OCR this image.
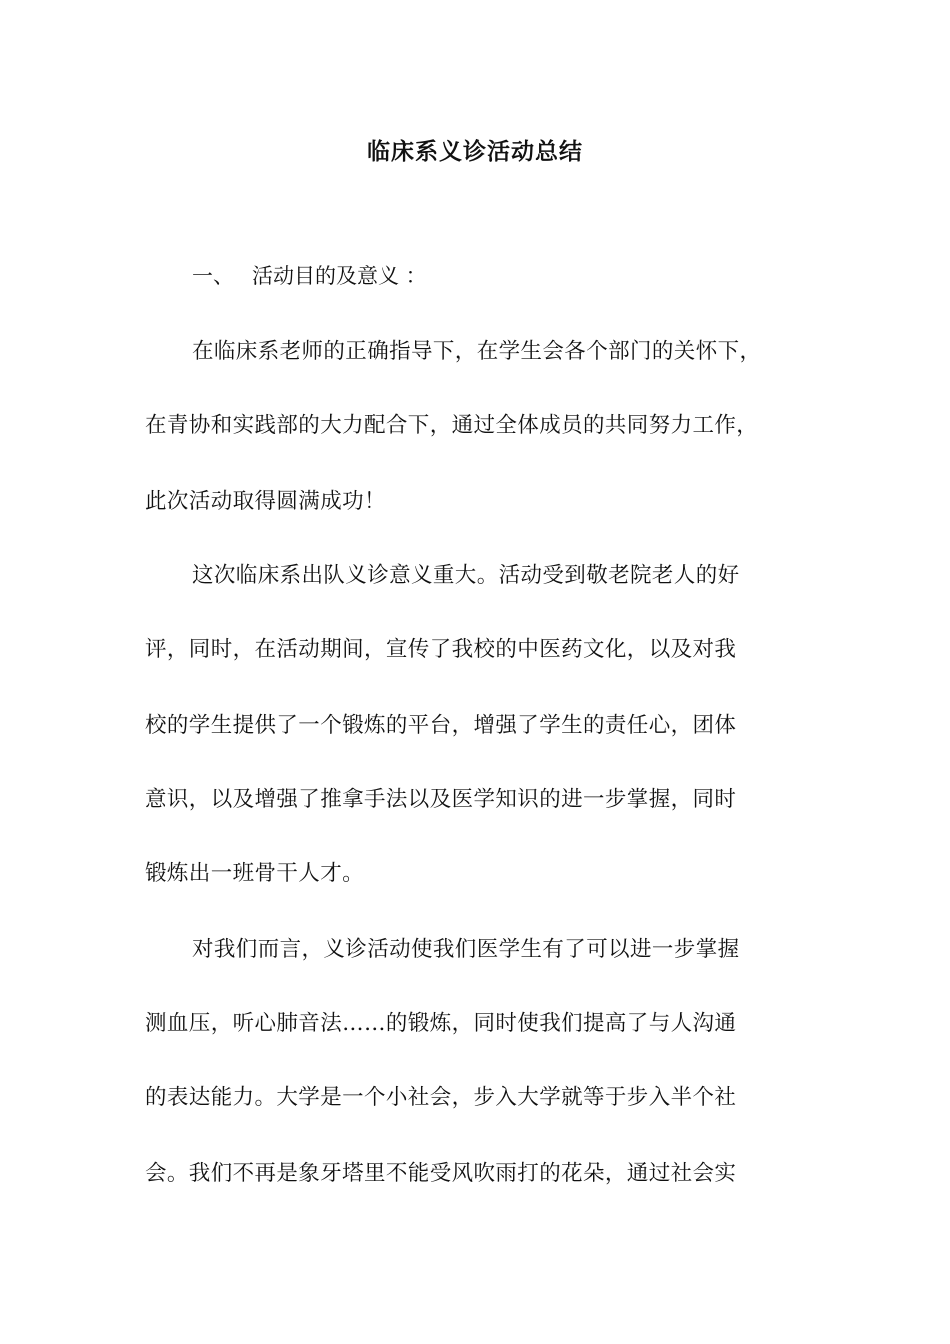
临床系义诊活动总结
一、 活动目的及意义 ：
在临床系老师的正确指导下，在学生会各个部门的关怀下，
在青协和实践部的大力配合下，通过全体成员的共同努力工作，
此次活动取得圆满成功！
这次临床系出队义诊意义重大。活动受到敬老院老人的好
评，同时，在活动期间，宣传了我校的中医药文化，以及对我
校的学生提供了一个锻炼的平台，增强了学生的责任心，团体
意识，以及增强了推拿手法以及医学知识的进一步掌握，同时
锻炼出一班骨干人才。
对我们而言，义诊活动使我们医学生有了可以进一步掌握
测血压，听心肺音法……的锻炼，同时使我们提高了与人沟通
的表达能力。大学是一个小社会，步入大学就等于步入半个社
会。我们不再是象牙塔里不能受风吹雨打的花朵，通过社会实
